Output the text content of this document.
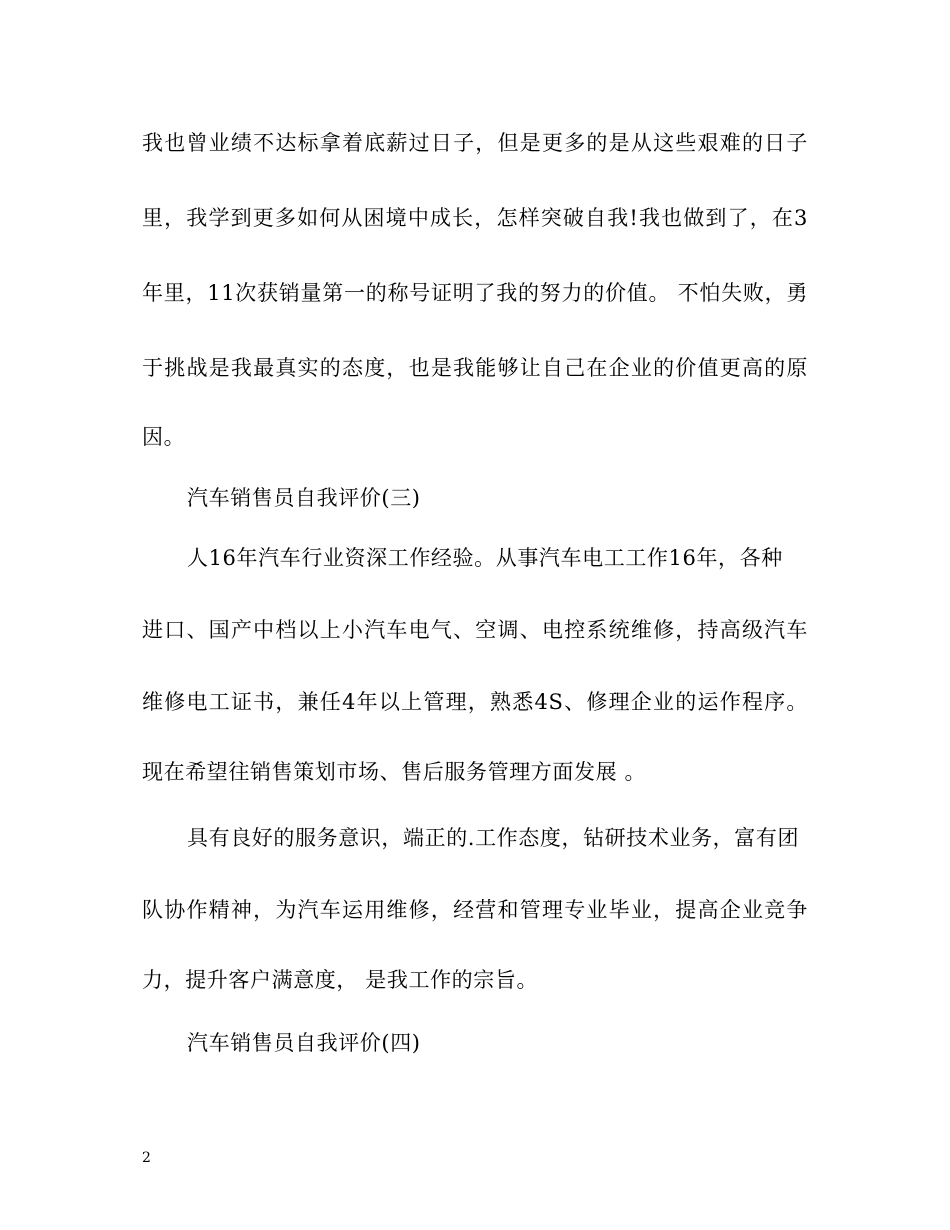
我也曾业绩不达标拿着底薪过日子，但是更多的是从这些艰难的日子
里，我学到更多如何从困境中成长，怎样突破自我!我也做到了，在3
年里，11次获销量第一的称号证明了我的努力的价值。 不怕失败，勇
于挑战是我最真实的态度，也是我能够让自己在企业的价值更高的原
因。
汽车销售员自我评价(三)
人16年汽车行业资深工作经验。从事汽车电工工作16年，各种
进口、国产中档以上小汽车电气、空调、电控系统维修，持高级汽车
维修电工证书，兼任4年以上管理，熟悉4S、修理企业的运作程序。
现在希望往销售策划市场、售后服务管理方面发展 。
具有良好的服务意识，端正的.工作态度，钻研技术业务，富有团
队协作精神，为汽车运用维修，经营和管理专业毕业，提高企业竞争
力，提升客户满意度， 是我工作的宗旨。
汽车销售员自我评价(四)
2
